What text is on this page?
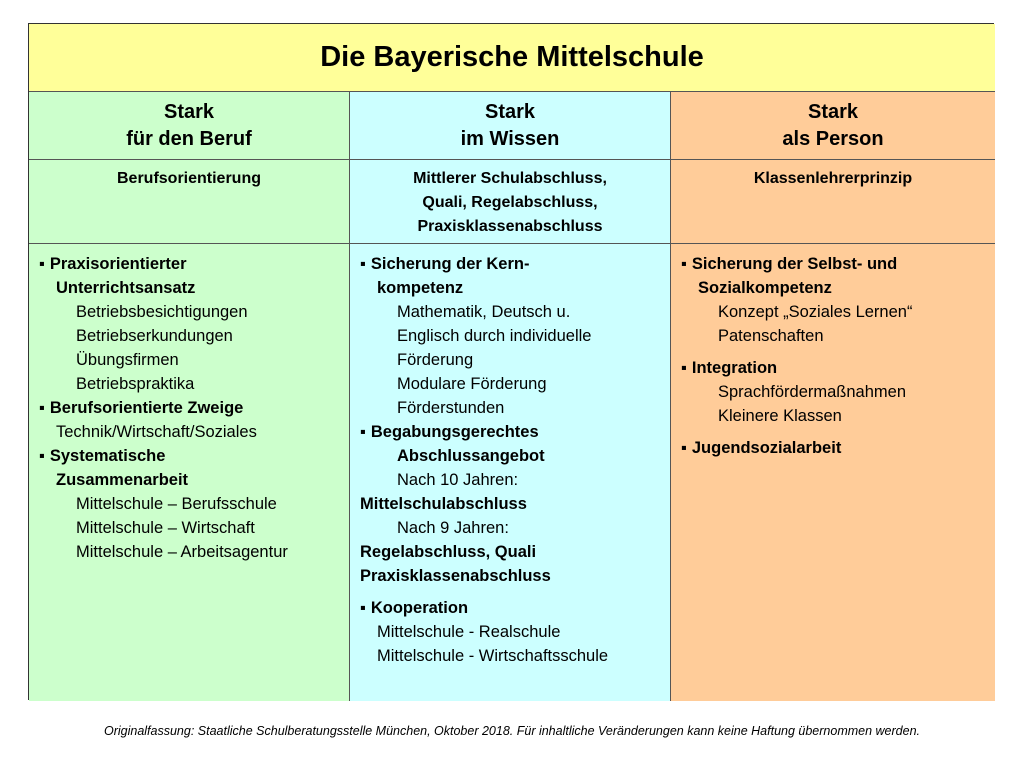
Die Bayerische Mittelschule
Stark
für den Beruf
Stark
im Wissen
Stark
als Person
Berufsorientierung	Mittlerer Schulabschluss,
Quali, Regelabschluss,
Praxisklassenabschluss
Klassenlehrerprinzip
▪ Praxisorientierter
Unterrichtsansatz
Betriebsbesichtigungen
Betriebserkundungen
Übungsfirmen
Betriebspraktika
▪ Berufsorientierte Zweige
Technik/Wirtschaft/Soziales
▪ Systematische
Zusammenarbeit
Mittelschule – Berufsschule
Mittelschule – Wirtschaft
Mittelschule – Arbeitsagentur
▪ Sicherung der Kern-
kompetenz
Mathematik, Deutsch u.
Englisch durch individuelle
Förderung
Modulare Förderung
Förderstunden
▪ Begabungsgerechtes
Abschlussangebot
Nach 10 Jahren:
Mittelschulabschluss
Nach 9 Jahren:
Regelabschluss, Quali
Praxisklassenabschluss
▪ Kooperation
Mittelschule - Realschule
Mittelschule - Wirtschaftsschule
▪ Sicherung der Selbst- und
Sozialkompetenz
Konzept „Soziales Lernen“
Patenschaften
▪ Integration
Sprachfördermaßnahmen
Kleinere Klassen
▪ Jugendsozialarbeit
Originalfassung: Staatliche Schulberatungsstelle München, Oktober 2018. Für inhaltliche Veränderungen kann keine Haftung übernommen werden.
